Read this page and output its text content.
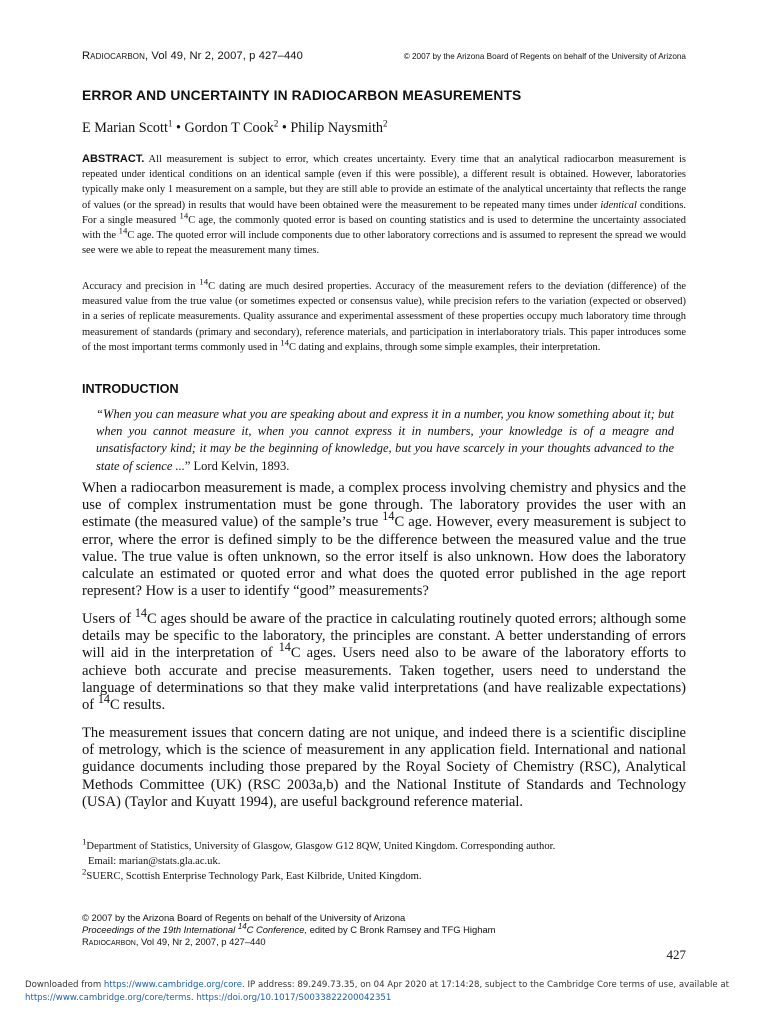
Radiocarbon, Vol 49, Nr 2, 2007, p 427–440	© 2007 by the Arizona Board of Regents on behalf of the University of Arizona
ERROR AND UNCERTAINTY IN RADIOCARBON MEASUREMENTS

E Marian Scott$^1$ • Gordon T Cook$^2$ • Philip Naysmith$^2$

ABSTRACT. All measurement is subject to error, which creates uncertainty. Every time that an analytical radiocarbon measurement is repeated under identical conditions on an identical sample (even if this were possible), a different result is obtained. However, laboratories typically make only 1 measurement on a sample, but they are still able to provide an estimate of the analytical uncertainty that reflects the range of values (or the spread) in results that would have been obtained were the measurement to be repeated many times under identical conditions. For a single measured $^{14}$C age, the commonly quoted error is based on counting statistics and is used to determine the uncertainty associated with the $^{14}$C age. The quoted error will include components due to other laboratory corrections and is assumed to represent the spread we would see were we able to repeat the measurement many times.

Accuracy and precision in $^{14}$C dating are much desired properties. Accuracy of the measurement refers to the deviation (difference) of the measured value from the true value (or sometimes expected or consensus value), while precision refers to the variation (expected or observed) in a series of replicate measurements. Quality assurance and experimental assessment of these properties occupy much laboratory time through measurement of standards (primary and secondary), reference materials, and participation in interlaboratory trials. This paper introduces some of the most important terms commonly used in $^{14}$C dating and explains, through some simple examples, their interpretation.

INTRODUCTION

“When you can measure what you are speaking about and express it in a number, you know something about it; but when you cannot measure it, when you cannot express it in numbers, your knowledge is of a meagre and unsatisfactory kind; it may be the beginning of knowledge, but you have scarcely in your thoughts advanced to the state of science ...” Lord Kelvin, 1893.

When a radiocarbon measurement is made, a complex process involving chemistry and physics and the use of complex instrumentation must be gone through. The laboratory provides the user with an estimate (the measured value) of the sample’s true $^{14}$C age. However, every measurement is subject to error, where the error is defined simply to be the difference between the measured value and the true value. The true value is often unknown, so the error itself is also unknown. How does the laboratory calculate an estimated or quoted error and what does the quoted error published in the age report represent? How is a user to identify “good” measurements?

Users of $^{14}$C ages should be aware of the practice in calculating routinely quoted errors; although some details may be specific to the laboratory, the principles are constant. A better understanding of errors will aid in the interpretation of $^{14}$C ages. Users need also to be aware of the laboratory efforts to achieve both accurate and precise measurements. Taken together, users need to understand the language of determinations so that they make valid interpretations (and have realizable expectations) of $^{14}$C results.

The measurement issues that concern dating are not unique, and indeed there is a scientific discipline of metrology, which is the science of measurement in any application field. International and national guidance documents including those prepared by the Royal Society of Chemistry (RSC), Analytical Methods Committee (UK) (RSC 2003a,b) and the National Institute of Standards and Technology (USA) (Taylor and Kuyatt 1994), are useful background reference material.

$^1$Department of Statistics, University of Glasgow, Glasgow G12 8QW, United Kingdom. Corresponding author.

Email: marian@stats.gla.ac.uk.

$^2$SUERC, Scottish Enterprise Technology Park, East Kilbride, United Kingdom.

© 2007 by the Arizona Board of Regents on behalf of the University of Arizona

Proceedings of the 19th International $^{14}$C Conference, edited by C Bronk Ramsey and TFG Higham

Radiocarbon, Vol 49, Nr 2, 2007, p 427–440

427

Downloaded from https://www.cambridge.org/core. IP address: 89.249.73.35, on 04 Apr 2020 at 17:14:28, subject to the Cambridge Core terms of use, available at https://www.cambridge.org/core/terms. https://doi.org/10.1017/S0033822200042351
